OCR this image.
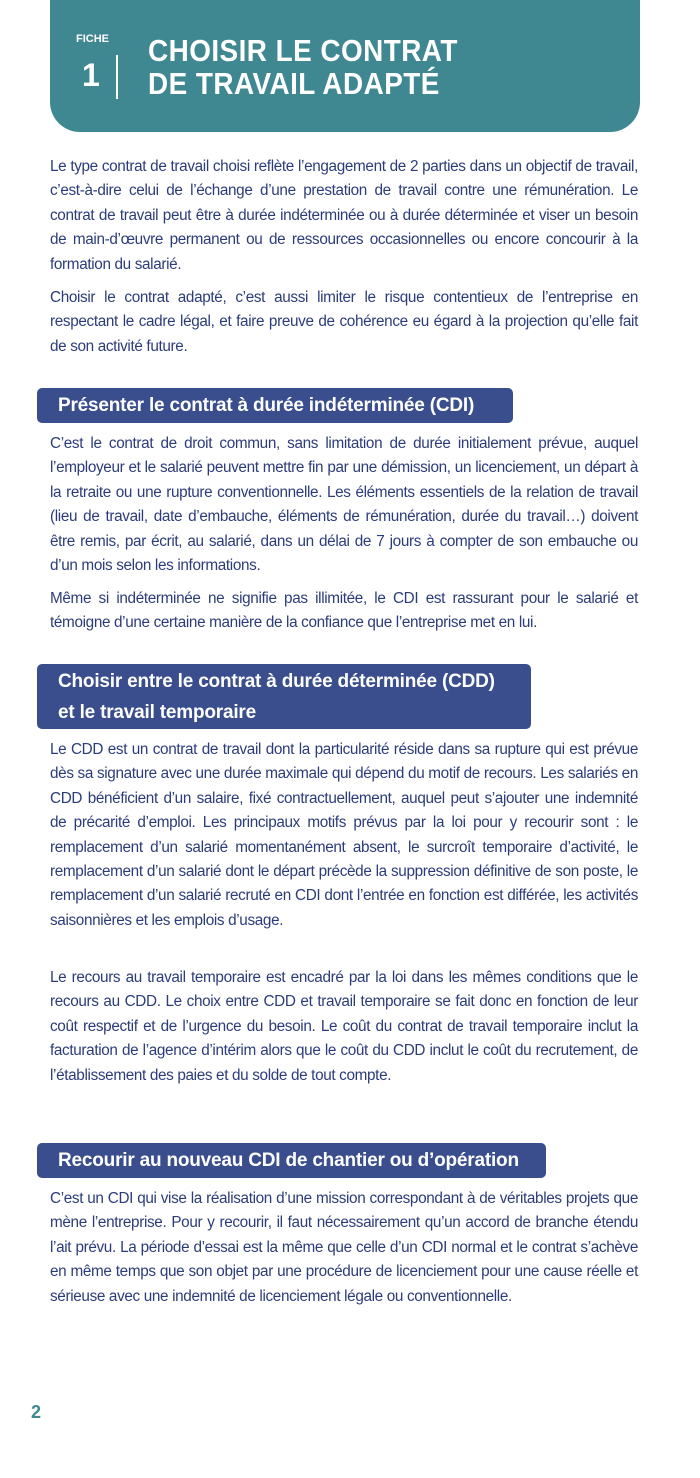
FICHE
1
CHOISIR LE CONTRAT
DE TRAVAIL ADAPTÉ

Le type contrat de travail choisi reflète l’engagement de 2 parties dans un objectif de travail, c’est-à-dire celui de l’échange d’une prestation de travail contre une rémunération. Le contrat de travail peut être à durée indéterminée ou à durée déterminée et viser un besoin de main-d’œuvre permanent ou de ressources occasionnelles ou encore concourir à la formation du salarié.

Choisir le contrat adapté, c’est aussi limiter le risque contentieux de l’entreprise en respectant le cadre légal, et faire preuve de cohérence eu égard à la projection qu’elle fait de son activité future.

Présenter le contrat à durée indéterminée (CDI)

C’est le contrat de droit commun, sans limitation de durée initialement prévue, auquel l’employeur et le salarié peuvent mettre fin par une démission, un licenciement, un départ à la retraite ou une rupture conventionnelle. Les éléments essentiels de la relation de travail (lieu de travail, date d’embauche, éléments de rémunération, durée du travail…) doivent être remis, par écrit, au salarié, dans un délai de 7 jours à compter de son embauche ou d’un mois selon les informations.

Même si indéterminée ne signifie pas illimitée, le CDI est rassurant pour le salarié et témoigne d’une certaine manière de la confiance que l’entreprise met en lui.

Choisir entre le contrat à durée déterminée (CDD)
et le travail temporaire

Le CDD est un contrat de travail dont la particularité réside dans sa rupture qui est prévue dès sa signature avec une durée maximale qui dépend du motif de recours. Les salariés en CDD bénéficient d’un salaire, fixé contractuellement, auquel peut s’ajouter une indemnité de précarité d’emploi. Les principaux motifs prévus par la loi pour y recourir sont : le remplacement d’un salarié momentanément absent, le surcroît temporaire d’activité, le remplacement d’un salarié dont le départ précède la suppression définitive de son poste, le remplacement d’un salarié recruté en CDI dont l’entrée en fonction est différée, les activités saisonnières et les emplois d’usage.

Le recours au travail temporaire est encadré par la loi dans les mêmes conditions que le recours au CDD. Le choix entre CDD et travail temporaire se fait donc en fonction de leur coût respectif et de l’urgence du besoin. Le coût du contrat de travail temporaire inclut la facturation de l’agence d’intérim alors que le coût du CDD inclut le coût du recrutement, de l’établissement des paies et du solde de tout compte.

Recourir au nouveau CDI de chantier ou d’opération

C’est un CDI qui vise la réalisation d’une mission correspondant à de véritables projets que mène l’entreprise. Pour y recourir, il faut nécessairement qu’un accord de branche étendu l’ait prévu. La période d’essai est la même que celle d’un CDI normal et le contrat s’achève en même temps que son objet par une procédure de licenciement pour une cause réelle et sérieuse avec une indemnité de licenciement légale ou conventionnelle.

2
